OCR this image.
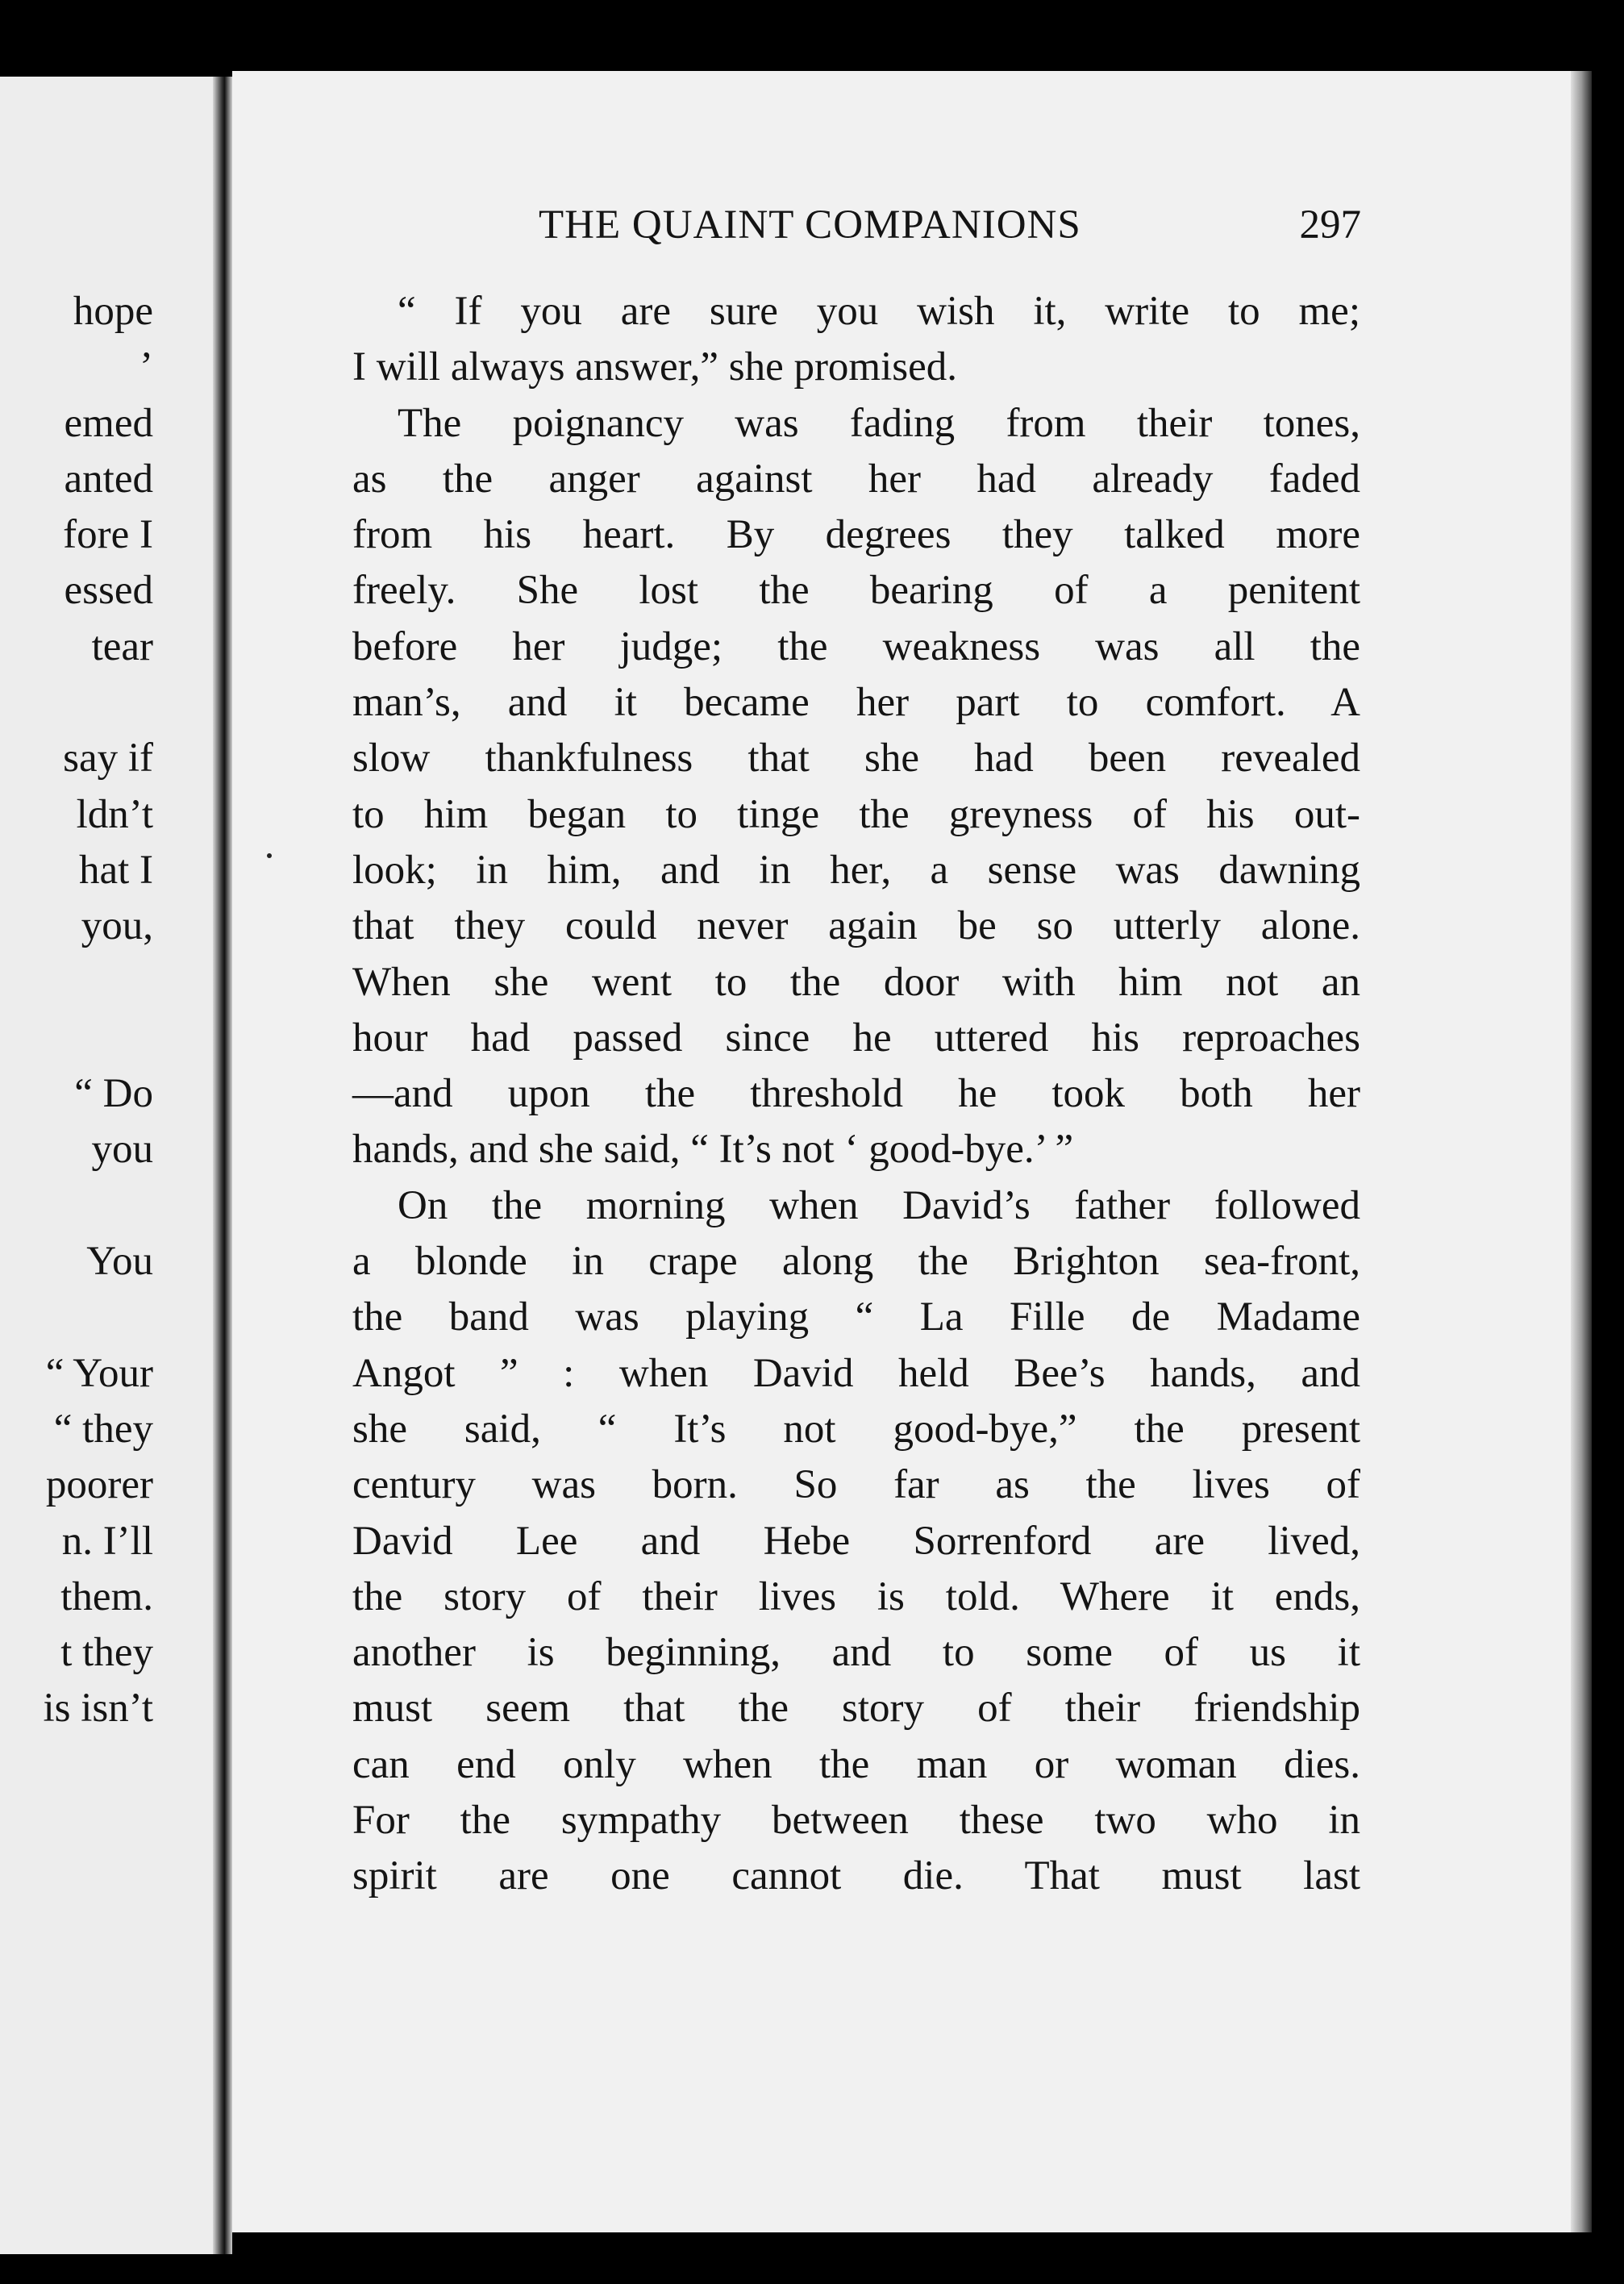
hope
’
emed
anted
fore I
essed
tear
say if
ldn’t
hat I
you,
“ Do
you
You
“ Your
“ they
poorer
n. I’ll
them.
t they
is isn’t
THE QUAINT COMPANIONS	297
“ If you are sure you wish it, write to me;
I will always answer,” she promised.
The poignancy was fading from their tones,
as the anger against her had already faded
from his heart. By degrees they talked more
freely. She lost the bearing of a penitent
before her judge; the weakness was all the
man’s, and it became her part to comfort. A
slow thankfulness that she had been revealed
to him began to tinge the greyness of his out-
look; in him, and in her, a sense was dawning
that they could never again be so utterly alone.
When she went to the door with him not an
hour had passed since he uttered his reproaches
—and upon the threshold he took both her
hands, and she said, “ It’s not ‘ good-bye.’ ”
On the morning when David’s father followed
a blonde in crape along the Brighton sea-front,
the band was playing “ La Fille de Madame
Angot ” : when David held Bee’s hands, and
she said, “ It’s not good-bye,” the present
century was born. So far as the lives of
David Lee and Hebe Sorrenford are lived,
the story of their lives is told. Where it ends,
another is beginning, and to some of us it
must seem that the story of their friendship
can end only when the man or woman dies.
For the sympathy between these two who in
spirit are one cannot die. That must last
